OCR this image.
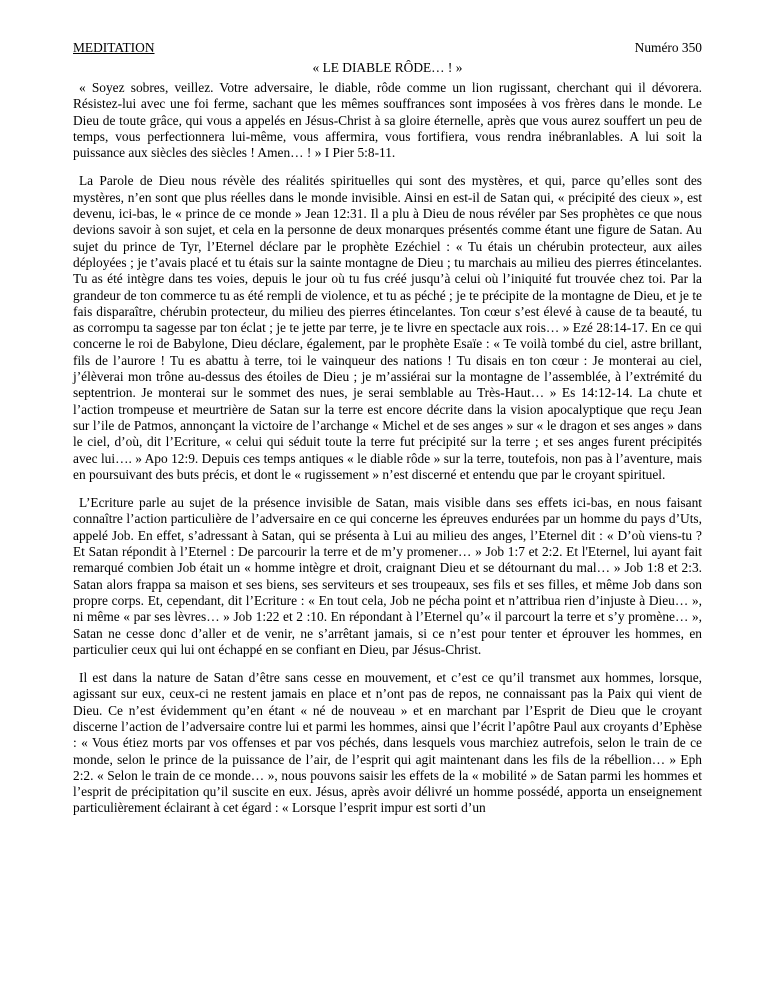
MEDITATION	Numéro 350
« LE DIABLE RÔDE… ! »

« Soyez sobres, veillez. Votre adversaire, le diable, rôde comme un lion rugissant, cherchant qui il dévorera. Résistez-lui avec une foi ferme, sachant que les mêmes souffrances sont imposées à vos frères dans le monde. Le Dieu de toute grâce, qui vous a appelés en Jésus-Christ à sa gloire éternelle, après que vous aurez souffert un peu de temps, vous perfectionnera lui-même, vous affermira, vous fortifiera, vous rendra inébranlables. A lui soit la puissance aux siècles des siècles ! Amen… ! » I Pier 5:8-11.

La Parole de Dieu nous révèle des réalités spirituelles qui sont des mystères, et qui, parce qu’elles sont des mystères, n’en sont que plus réelles dans le monde invisible. Ainsi en est-il de Satan qui, « précipité des cieux », est devenu, ici-bas, le « prince de ce monde » Jean 12:31. Il a plu à Dieu de nous révéler par Ses prophètes ce que nous devions savoir à son sujet, et cela en la personne de deux monarques présentés comme étant une figure de Satan. Au sujet du prince de Tyr, l’Eternel déclare par le prophète Ezéchiel : « Tu étais un chérubin protecteur, aux ailes déployées ; je t’avais placé et tu étais sur la sainte montagne de Dieu ; tu marchais au milieu des pierres étincelantes. Tu as été intègre dans tes voies, depuis le jour où tu fus créé jusqu’à celui où l’iniquité fut trouvée chez toi. Par la grandeur de ton commerce tu as été rempli de violence, et tu as péché ; je te précipite de la montagne de Dieu, et je te fais disparaître, chérubin protecteur, du milieu des pierres étincelantes. Ton cœur s’est élevé à cause de ta beauté, tu as corrompu ta sagesse par ton éclat ; je te jette par terre, je te livre en spectacle aux rois… » Ezé 28:14-17. En ce qui concerne le roi de Babylone, Dieu déclare, également, par le prophète Esaïe : « Te voilà tombé du ciel, astre brillant, fils de l’aurore ! Tu es abattu à terre, toi le vainqueur des nations ! Tu disais en ton cœur : Je monterai au ciel, j’élèverai mon trône au-dessus des étoiles de Dieu ; je m’assiérai sur la montagne de l’assemblée, à l’extrémité du septentrion. Je monterai sur le sommet des nues, je serai semblable au Très-Haut… » Es 14:12-14. La chute et l’action trompeuse et meurtrière de Satan sur la terre est encore décrite dans la vision apocalyptique que reçu Jean sur l’ile de Patmos, annonçant la victoire de l’archange « Michel et de ses anges » sur « le dragon et ses anges » dans le ciel, d’où, dit l’Ecriture, « celui qui séduit toute la terre fut précipité sur la terre ; et ses anges furent précipités avec lui…. » Apo 12:9. Depuis ces temps antiques « le diable rôde » sur la terre, toutefois, non pas à l’aventure, mais en poursuivant des buts précis, et dont le « rugissement » n’est discerné et entendu que par le croyant spirituel.

L’Ecriture parle au sujet de la présence invisible de Satan, mais visible dans ses effets ici-bas, en nous faisant connaître l’action particulière de l’adversaire en ce qui concerne les épreuves endurées par un homme du pays d’Uts, appelé Job. En effet, s’adressant à Satan, qui se présenta à Lui au milieu des anges, l’Eternel dit : « D’où viens-tu ? Et Satan répondit à l’Eternel : De parcourir la terre et de m’y promener… » Job 1:7 et 2:2. Et l'Eternel, lui ayant fait remarqué combien Job était un « homme intègre et droit, craignant Dieu et se détournant du mal… » Job 1:8 et 2:3. Satan alors frappa sa maison et ses biens, ses serviteurs et ses troupeaux, ses fils et ses filles, et même Job dans son propre corps. Et, cependant, dit l’Ecriture : « En tout cela, Job ne pécha point et n’attribua rien d’injuste à Dieu… », ni même « par ses lèvres… » Job 1:22 et 2 :10. En répondant à l’Eternel qu’« il parcourt la terre et s’y promène… », Satan ne cesse donc d’aller et de venir, ne s’arrêtant jamais, si ce n’est pour tenter et éprouver les hommes, en particulier ceux qui lui ont échappé en se confiant en Dieu, par Jésus-Christ.

Il est dans la nature de Satan d’être sans cesse en mouvement, et c’est ce qu’il transmet aux hommes, lorsque, agissant sur eux, ceux-ci ne restent jamais en place et n’ont pas de repos, ne connaissant pas la Paix qui vient de Dieu. Ce n’est évidemment qu’en étant « né de nouveau » et en marchant par l’Esprit de Dieu que le croyant discerne l’action de l’adversaire contre lui et parmi les hommes, ainsi que l’écrit l’apôtre Paul aux croyants d’Ephèse : « Vous étiez morts par vos offenses et par vos péchés, dans lesquels vous marchiez autrefois, selon le train de ce monde, selon le prince de la puissance de l’air, de l’esprit qui agit maintenant dans les fils de la rébellion… » Eph 2:2. « Selon le train de ce monde… », nous pouvons saisir les effets de la « mobilité » de Satan parmi les hommes et l’esprit de précipitation qu’il suscite en eux. Jésus, après avoir délivré un homme possédé, apporta un enseignement particulièrement éclairant à cet égard : « Lorsque l’esprit impur est sorti d’un
